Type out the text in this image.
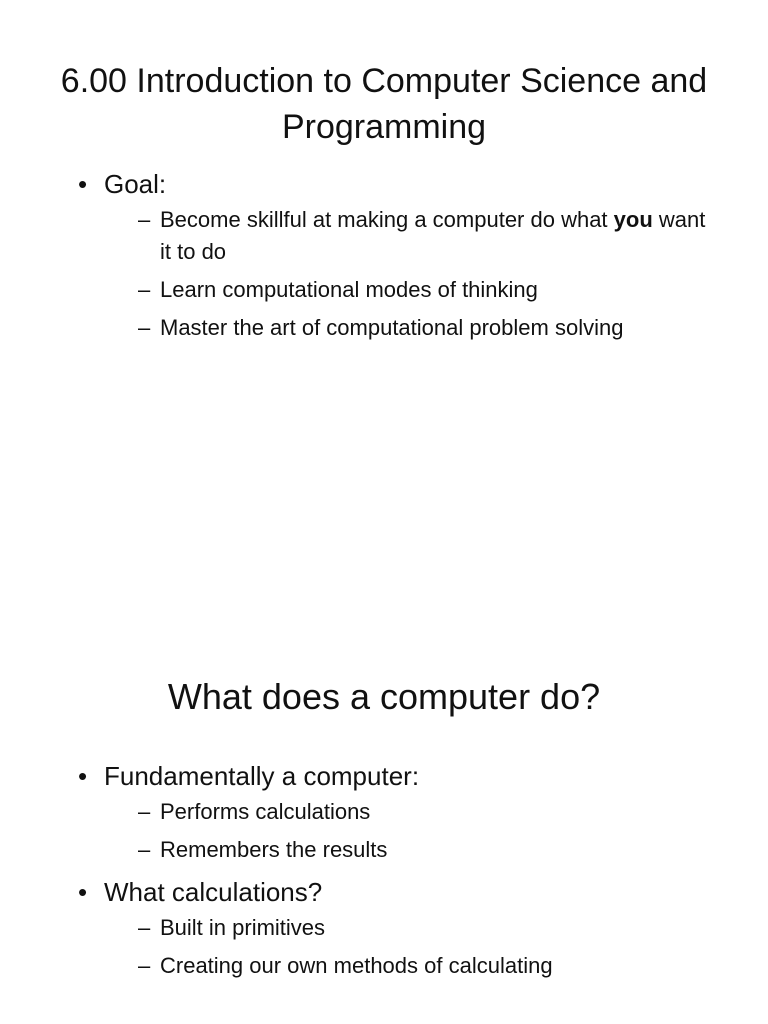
6.00 Introduction to Computer Science and Programming
• Goal:
– Become skillful at making a computer do what you want it to do
– Learn computational modes of thinking
– Master the art of computational problem solving
What does a computer do?
• Fundamentally a computer:
– Performs calculations
– Remembers the results
• What calculations?
– Built in primitives
– Creating our own methods of calculating
